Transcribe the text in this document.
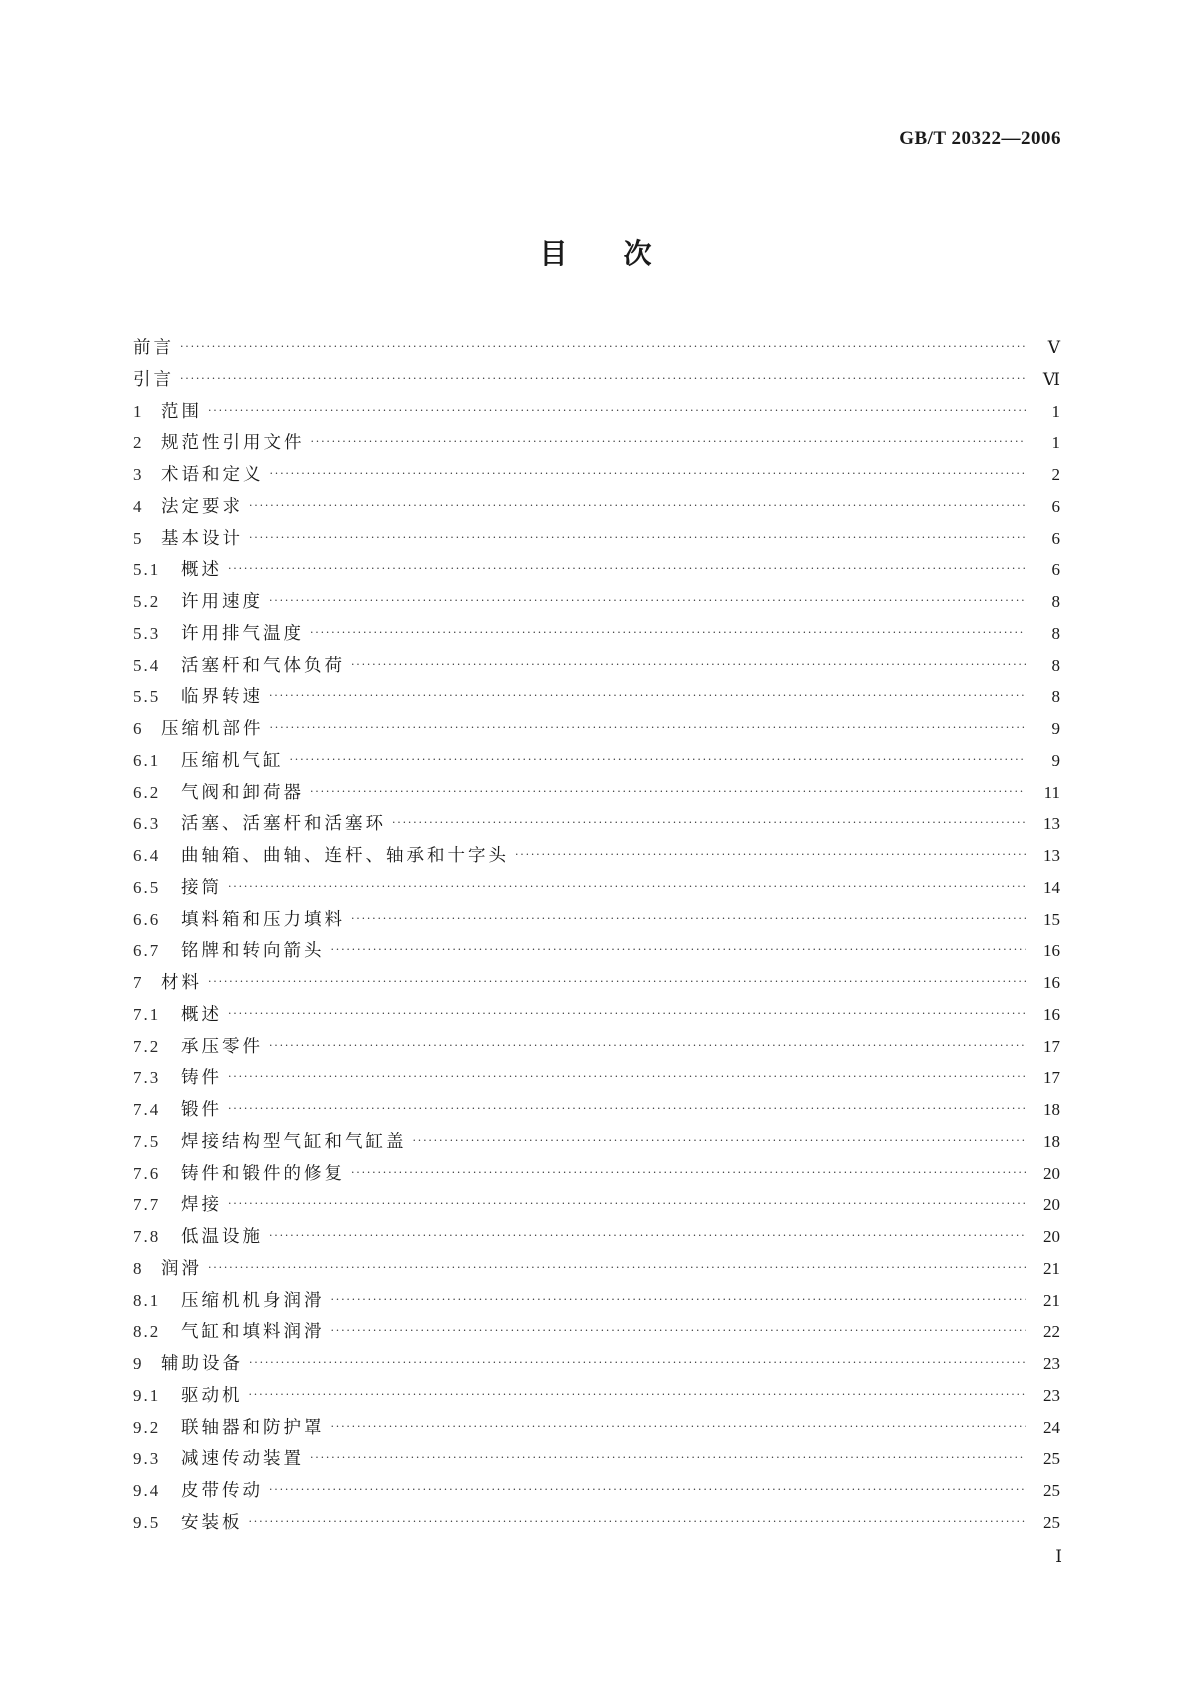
GB/T 20322—2006
目次
前言 ·····	Ⅴ
引言 ·····	Ⅵ
1	范围 ·····	1
2	规范性引用文件 ·····	1
3	术语和定义 ·····	2
4	法定要求 ·····	6
5	基本设计 ·····	6
5.1	概述 ·····	6
5.2	许用速度 ·····	8
5.3	许用排气温度 ·····	8
5.4	活塞杆和气体负荷 ·····	8
5.5	临界转速 ·····	8
6	压缩机部件 ·····	9
6.1	压缩机气缸 ·····	9
6.2	气阀和卸荷器 ·····	11
6.3	活塞、活塞杆和活塞环 ·····	13
6.4	曲轴箱、曲轴、连杆、轴承和十字头 ·····	13
6.5	接筒 ·····	14
6.6	填料箱和压力填料 ·····	15
6.7	铭牌和转向箭头 ·····	16
7	材料 ·····	16
7.1	概述 ·····	16
7.2	承压零件 ·····	17
7.3	铸件 ·····	17
7.4	锻件 ·····	18
7.5	焊接结构型气缸和气缸盖 ·····	18
7.6	铸件和锻件的修复 ·····	20
7.7	焊接 ·····	20
7.8	低温设施 ·····	20
8	润滑 ·····	21
8.1	压缩机机身润滑 ·····	21
8.2	气缸和填料润滑 ·····	22
9	辅助设备 ·····	23
9.1	驱动机 ·····	23
9.2	联轴器和防护罩 ·····	24
9.3	减速传动装置 ·····	25
9.4	皮带传动 ·····	25
9.5	安装板 ·····	25
Ⅰ
